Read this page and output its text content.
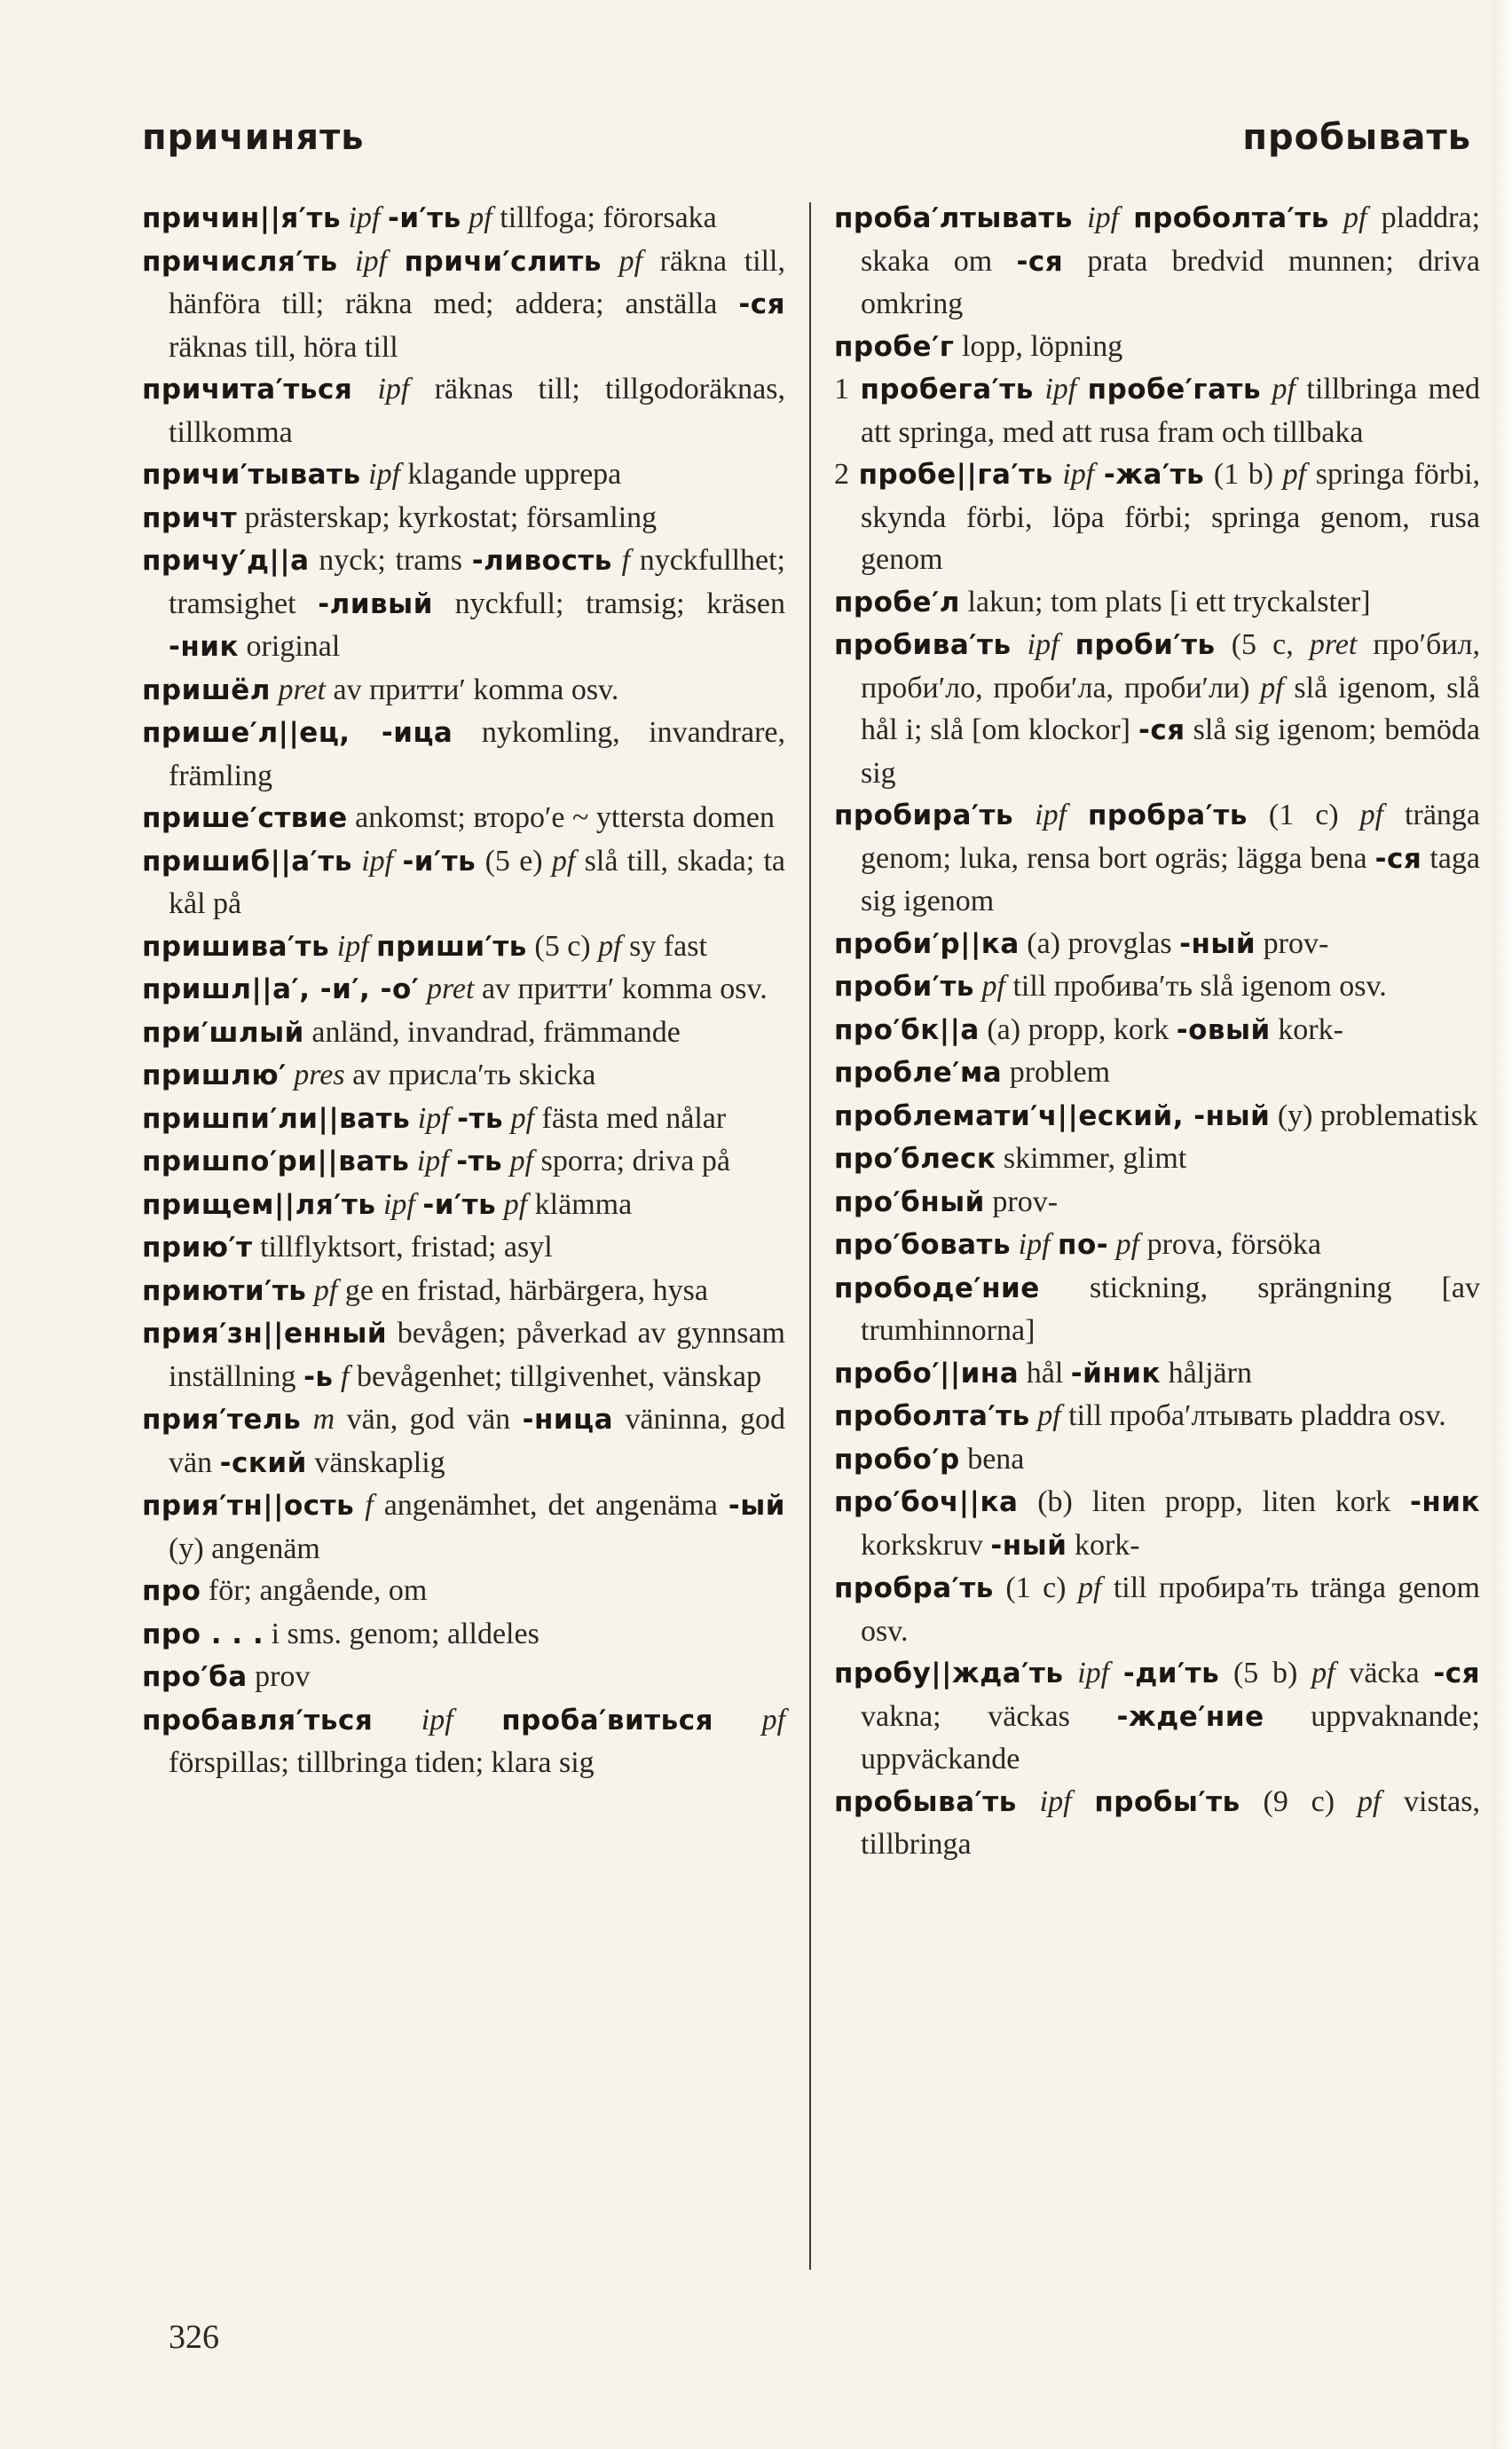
причинять	пробывать

причин||я′ть ipf -и′ть pf tillfoga; förorsaka

причисля′ть ipf причи′слить pf räkna till, hänföra till; räkna med; addera; anställa -ся räknas till, höra till

причита′ться ipf räknas till; tillgodoräknas, tillkomma

причи′тывать ipf klagande upprepa

причт prästerskap; kyrkostat; församling

причу′д||а nyck; trams -ливость f nyckfullhet; tramsighet -ливый nyckfull; tramsig; kräsen -ник original

пришёл pret av притти′ komma osv.

прише′л||ец, -ица nykomling, invandrare, främling

прише′ствие ankomst; второ′е ~ yttersta domen

пришиб||а′ть ipf -и′ть (5 e) pf slå till, skada; ta kål på

пришива′ть ipf приши′ть (5 c) pf sy fast

пришл||а′, -и′, -о′ pret av притти′ komma osv.

при′шлый anländ, invandrad, främmande

пришлю′ pres av присла′ть skicka

пришпи′ли||вать ipf -ть pf fästa med nålar

пришпо′ри||вать ipf -ть pf sporra; driva på

прищем||ля′ть ipf -и′ть pf klämma

прию′т tillflyktsort, fristad; asyl

приюти′ть pf ge en fristad, härbärgera, hysa

прия′зн||енный bevågen; påverkad av gynnsam inställning -ь f bevågenhet; tillgivenhet, vänskap

прия′тель m vän, god vän -ница väninna, god vän -ский vänskaplig

прия′тн||ость f angenämhet, det angenäma -ый (y) angenäm

про för; angående, om

про . . . i sms. genom; alldeles

про′ба prov

пробавля′ться ipf проба′виться pf förspillas; tillbringa tiden; klara sig

проба′лтывать ipf проболта′ть pf pladdra; skaka om -ся prata bredvid munnen; driva omkring

пробе′г lopp, löpning

1 пробега′ть ipf пробе′гать pf tillbringa med att springa, med att rusa fram och tillbaka

2 пробе||га′ть ipf -жа′ть (1 b) pf springa förbi, skynda förbi, löpa förbi; springa genom, rusa genom

пробе′л lakun; tom plats [i ett tryckalster]

пробива′ть ipf проби′ть (5 c, pret про′бил, проби′ло, проби′ла, проби′ли) pf slå igenom, slå hål i; slå [om klockor] -ся slå sig igenom; bemöda sig

пробира′ть ipf пробра′ть (1 c) pf tränga genom; luka, rensa bort ogräs; lägga bena -ся taga sig igenom

проби′р||ка (a) provglas -ный prov-

проби′ть pf till пробива′ть slå igenom osv.

про′бк||а (a) propp, kork -овый kork-

пробле′ма problem

проблемати′ч||еский, -ный (y) problematisk

про′блеск skimmer, glimt

про′бный prov-

про′бовать ipf по- pf prova, försöka

прободе′ние stickning, sprängning [av trumhinnorna]

пробо′||ина hål -йник håljärn

проболта′ть pf till проба′лтывать pladdra osv.

пробо′р bena

про′боч||ка (b) liten propp, liten kork -ник korkskruv -ный kork-

пробра′ть (1 c) pf till пробира′ть tränga genom osv.

пробу||жда′ть ipf -ди′ть (5 b) pf väcka -ся vakna; väckas -жде′ние uppvaknande; uppväckande

пробыва′ть ipf пробы′ть (9 c) pf vistas, tillbringa

326
